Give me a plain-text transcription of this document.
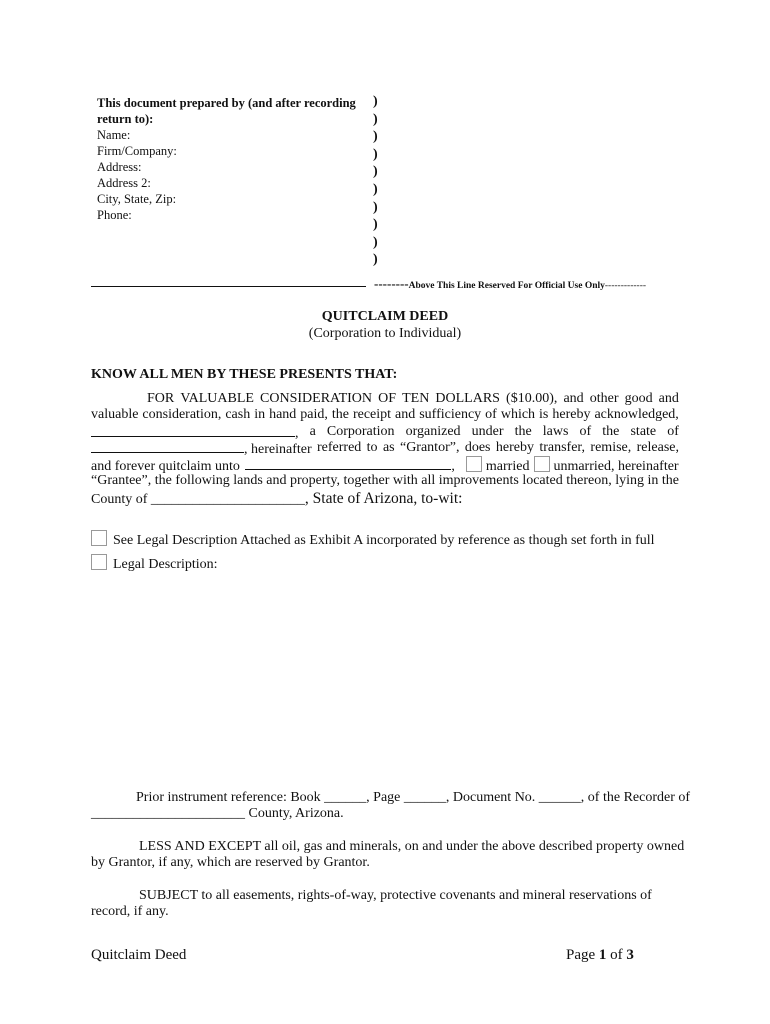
This document prepared by (and after recording
return to):
Name:
Firm/Company:
Address:
Address 2:
City, State, Zip:
Phone:
)
)
)
)
)
)
)
)
)
)
--------Above This Line Reserved For Official Use Only-------------
QUITCLAIM DEED
(Corporation to Individual)
KNOW ALL MEN BY THESE PRESENTS THAT:
FOR VALUABLE CONSIDERATION OF TEN DOLLARS ($10.00), and other good and
valuable consideration, cash in hand paid, the receipt and sufficiency of which is hereby acknowledged,
, a Corporation organized under the laws of the state of
, hereinafter referred to as “Grantor”, does hereby transfer, remise, release,
and forever quitclaim unto	, married unmarried, hereinafter
“Grantee”, the following lands and property, together with all improvements located thereon, lying in the
County of ______________________, State of Arizona, to-wit:
See Legal Description Attached as Exhibit A incorporated by reference as though set forth in full
Legal Description:
Prior instrument reference: Book ______, Page ______, Document No. ______, of the Recorder of
______________________ County, Arizona.
LESS AND EXCEPT all oil, gas and minerals, on and under the above described property owned
by Grantor, if any, which are reserved by Grantor.
SUBJECT to all easements, rights-of-way, protective covenants and mineral reservations of
record, if any.
Quitclaim Deed	Page 1 of 3
